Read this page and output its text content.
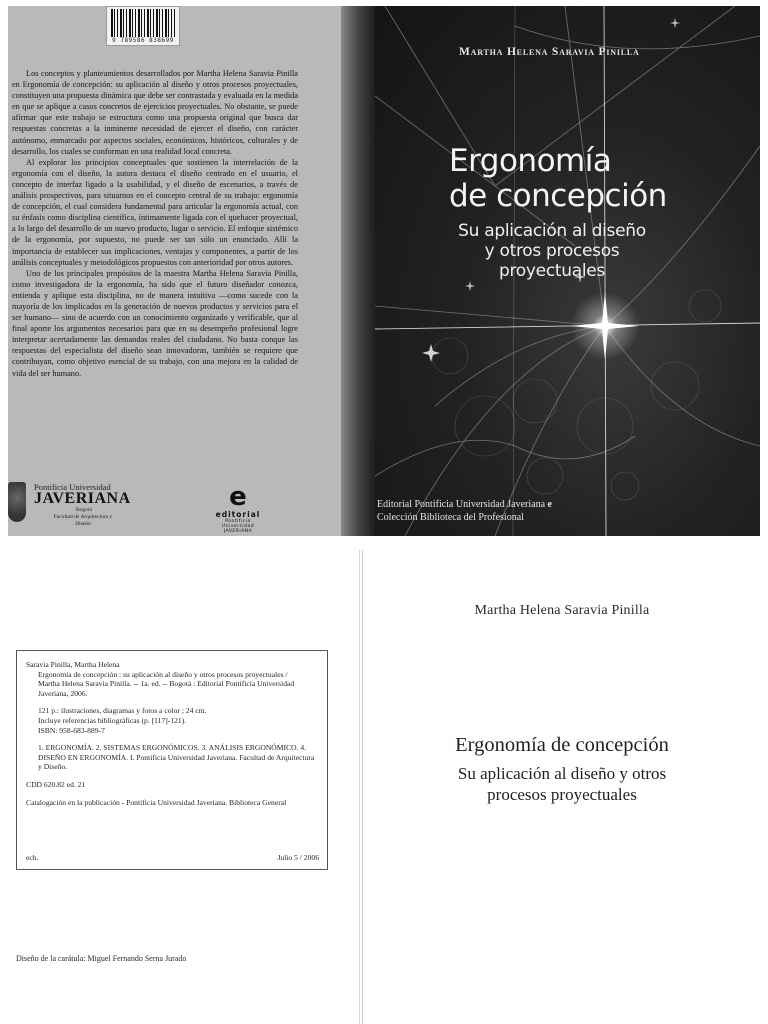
9 789586 838699

Los conceptos y planteamientos desarrollados por Martha Helena Saravia Pinilla en Ergonomía de concepción: su aplicación al diseño y otros procesos proyectuales, constituyen una propuesta dinámica que debe ser contrastada y evaluada en la medida en que se aplique a casos concretos de ejercicios proyectuales. No obstante, se puede afirmar que este trabajo se estructura como una propuesta original que busca dar respuestas concretas a la inminente necesidad de ejercer el diseño, con carácter autónomo, enmarcado por aspectos sociales, económicos, históricos, culturales y de desarrollo, los cuales se conforman en una realidad local concreta.

Al explorar los principios conceptuales que sostienen la interrelación de la ergonomía con el diseño, la autora destaca el diseño centrado en el usuario, el concepto de interfaz ligado a la usabilidad, y el diseño de escenarios, a través de análisis prospectivos, para situarnos en el concepto central de su trabajo: ergonomía de concepción, el cual considera fundamental para articular la ergonomía actual, con su énfasis como disciplina científica, íntimamente ligada con el quehacer proyectual, a lo largo del desarrollo de un nuevo producto, lugar o servicio. El enfoque sistémico de la ergonomía, por supuesto, no puede ser tan sólo un enunciado. Allí la importancia de establecer sus implicaciones, ventajas y componentes, a partir de los análisis conceptuales y metodológicos propuestos con anterioridad por otros autores.

Uno de los principales propósitos de la maestra Martha Helena Saravia Pinilla, como investigadora de la ergonomía, ha sido que el futuro diseñador conozca, entienda y aplique esta disciplina, no de manera intuitiva —como sucede con la mayoría de los implicados en la generación de nuevos productos y servicios para el ser humano— sino de acuerdo con un conocimiento organizado y verificable, que al final aporte los argumentos necesarios para que en su desempeño profesional logre interpretar acertadamente las demandas reales del ciudadano. No basta conque las respuestas del especialista del diseño sean innovadoras, también se requiere que contribuyan, como objetivo esencial de su trabajo, con una mejora en la calidad de vida del ser humano.

Pontificia Universidad
JAVERIANA
Bogotá
Facultad de Arquitectura y Diseño
e
editorial
Pontificia Universidad JAVERIANA
Martha Helena Saravia Pinilla
Ergonomía
de concepción
Su aplicación al diseño
y otros procesos
proyectuales
Editorial Pontificia Universidad Javeriana e
Colección Biblioteca del Profesional

Saravia Pinilla, Martha Helena

Ergonomía de concepción : su aplicación al diseño y otros procesos proyectuales /

Martha Helena Saravia Pinilla. -- 1a. ed. -- Bogotá : Editorial Pontificia Universidad Javeriana, 2006.

121 p.: ilustraciones, diagramas y fotos a color ; 24 cm.

Incluye referencias bibliográficas (p. [117]-121).

ISBN: 958-683-889-7

1. ERGONOMÍA. 2. SISTEMAS ERGONÓMICOS. 3. ANÁLISIS ERGONÓMICO. 4. DISEÑO EN ERGONOMÍA. I. Pontificia Universidad Javeriana. Facultad de Arquitectura y Diseño.

CDD 620.82 ed. 21

Catalogación en la publicación - Pontificia Universidad Javeriana. Biblioteca General

ech.	Julio 5 / 2006
Diseño de la carátula: Miguel Fernando Serna Jurado
Martha Helena Saravia Pinilla
Ergonomía de concepción
Su aplicación al diseño y otros
procesos proyectuales
